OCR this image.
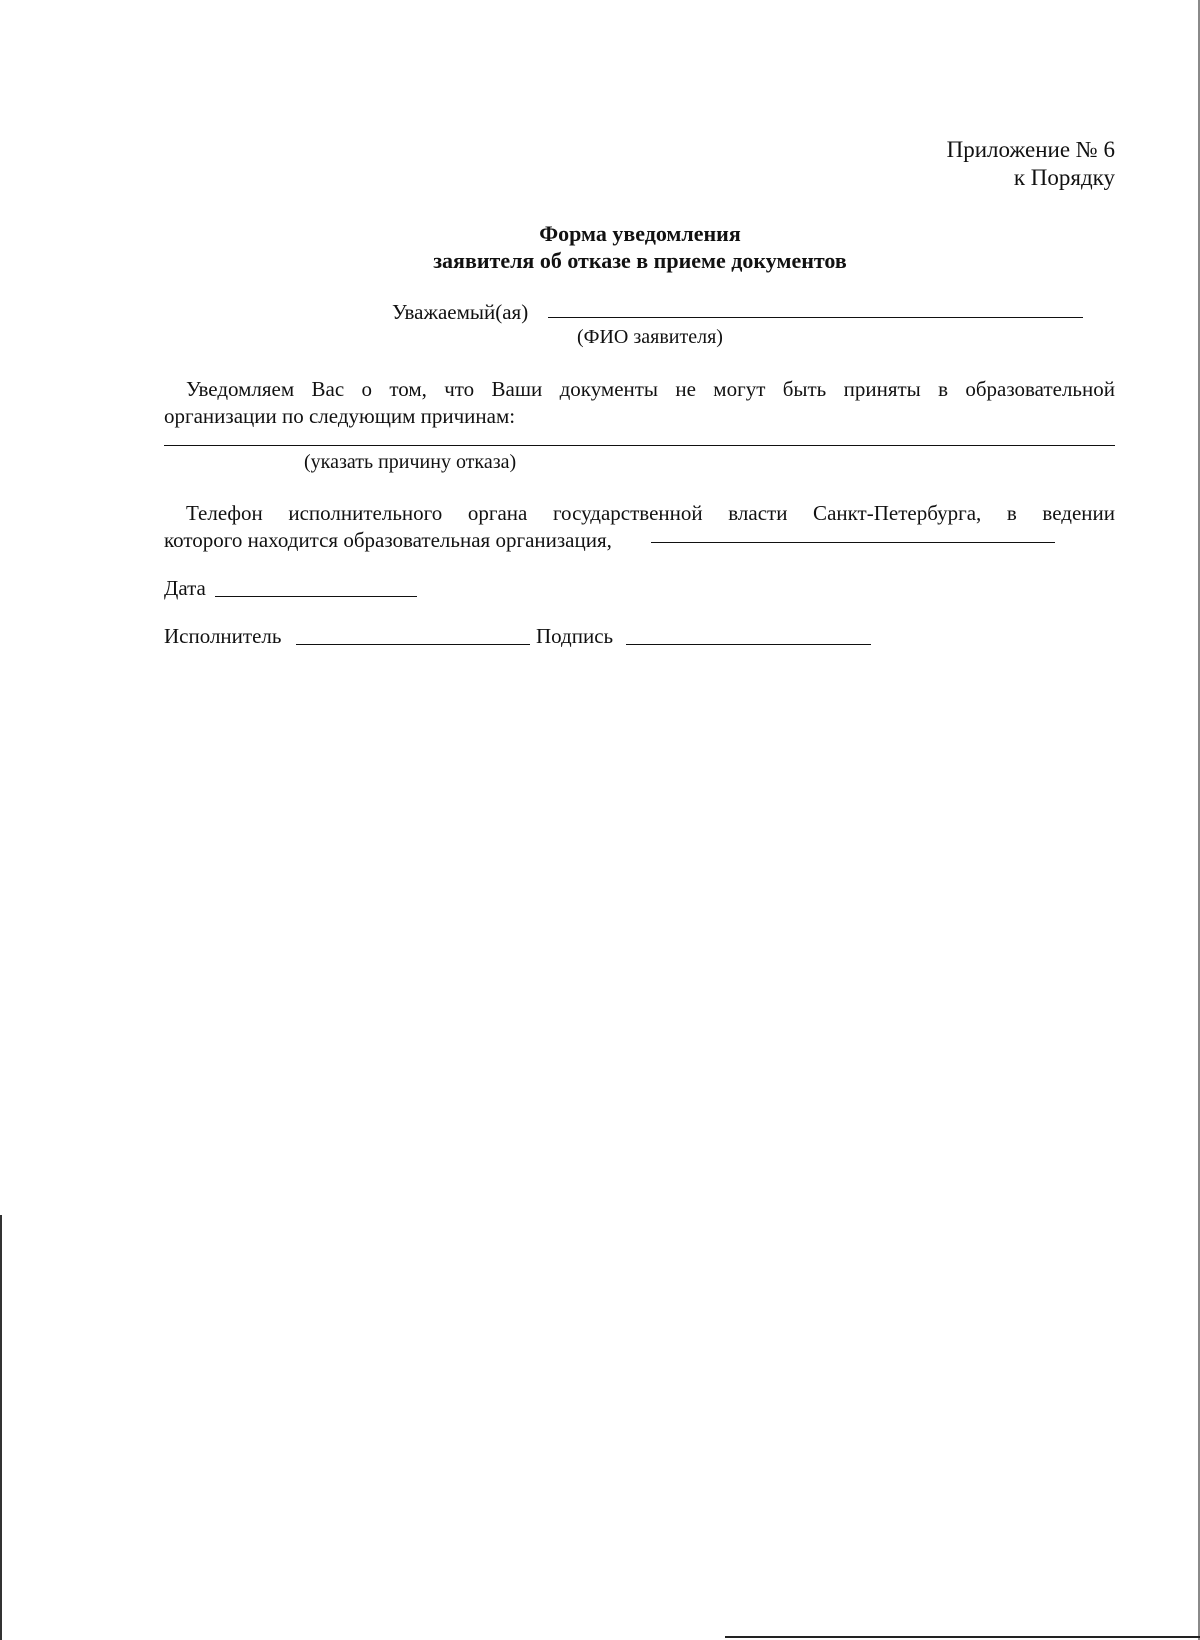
Приложение № 6
к Порядку
Форма уведомления
заявителя об отказе в приеме документов
Уважаемый(ая)
(ФИО заявителя)
Уведомляем Вас о том, что Ваши документы не могут быть приняты в образовательной
организации по следующим причинам:
(указать причину отказа)
Телефон исполнительного органа государственной власти Санкт-Петербурга, в ведении
которого находится образовательная организация,
Дата
Исполнитель	Подпись
